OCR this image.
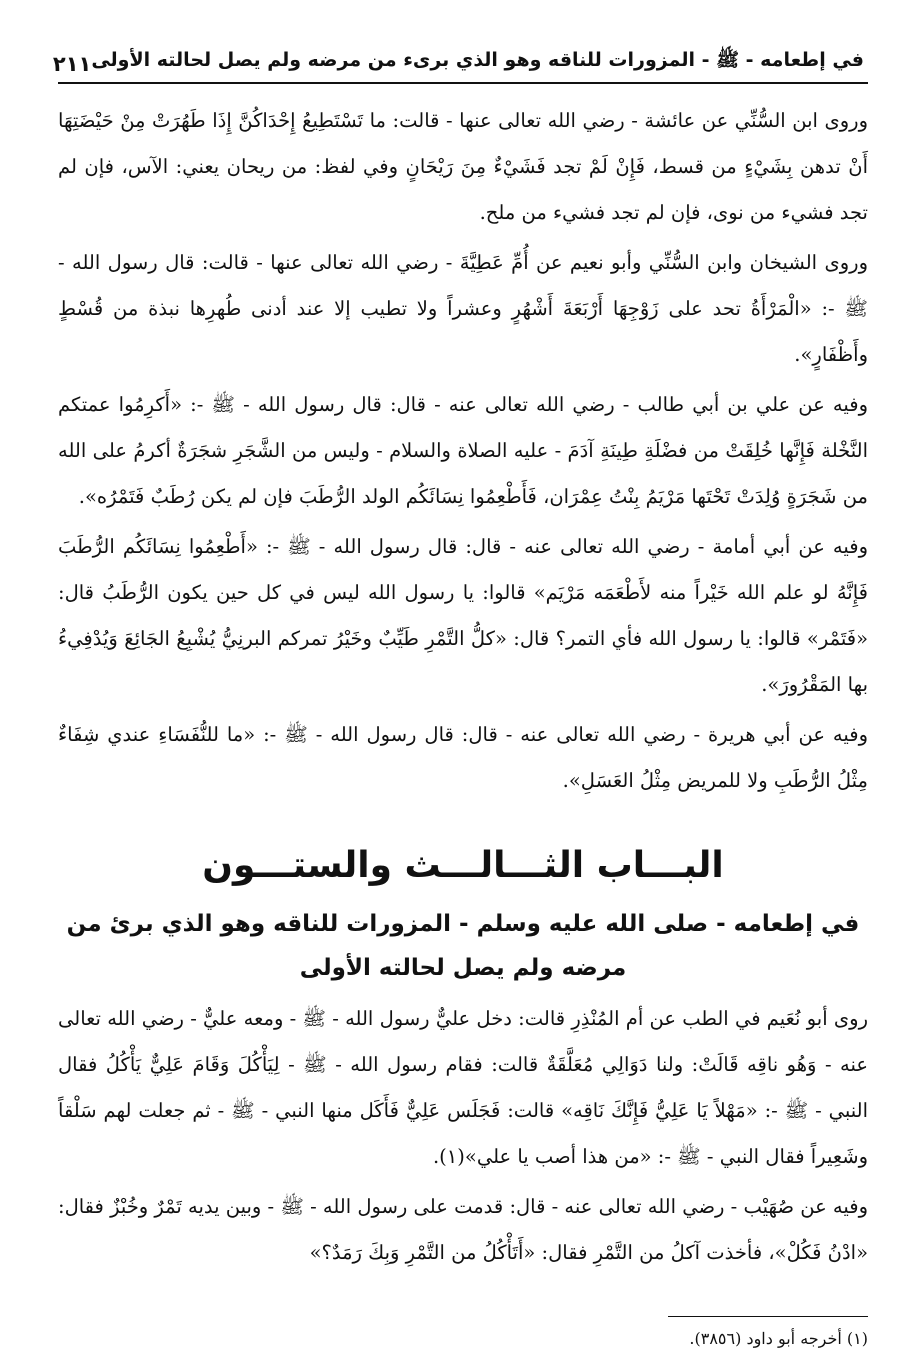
في إطعامه - ﷺ - المزورات للناقه وهو الذي برىء من مرضه ولم يصل لحالته الأولى
٢١١

وروى ابن السُّنِّي عن عائشة - رضي الله تعالى عنها - قالت: ما تَسْتَطِيعُ إِحْدَاكُنَّ إِذَا طَهُرَتْ مِنْ حَيْضَتِهَا أَنْ تدهن بِشَيْءٍ من قسط، فَإِنْ لَمْ تجد فَشَيْءٌ مِنَ رَيْحَانٍ وفي لفظ: من ريحان يعني: الآس، فإن لم تجد فشيء من نوى، فإن لم تجد فشيء من ملح.

وروى الشيخان وابن السُّنِّي وأبو نعيم عن أُمِّ عَطِيَّةَ - رضي الله تعالى عنها - قالت: قال رسول الله - ﷺ -: «الْمَرْأَةُ تحد على زَوْجِهَا أَرْبَعَةَ أَشْهُرٍ وعشراً ولا تطيب إلا عند أدنى طُهرِها نبذة من قُسْطٍ وأَظْفَارٍ».

وفيه عن علي بن أبي طالب - رضي الله تعالى عنه - قال: قال رسول الله - ﷺ -: «أَكرِمُوا عمتكم النَّخْلة فَإِنَّها خُلِقَتْ من فضْلَةِ طِينَةِ آدَمَ - عليه الصلاة والسلام - وليس من الشَّجَرِ شجَرَةٌ أكرمُ على الله من شَجَرَةٍ وُلِدَتْ تَحْتَها مَرْيَمُ بِنْتُ عِمْرَان، فَأَطْعِمُوا نِسَائَكُم الولد الرُّطَبَ فإن لم يكن رُطَبٌ فَتَمْرُه».

وفيه عن أبي أمامة - رضي الله تعالى عنه - قال: قال رسول الله - ﷺ -: «أَطْعِمُوا نِسَائَكُم الرُّطَبَ فَإِنَّهُ لو علم الله خَيْراً منه لأَطْعَمَه مَرْيَم» قالوا: يا رسول الله ليس في كل حين يكون الرُّطَبُ قال: «فَتَمْر» قالوا: يا رسول الله فأي التمر؟ قال: «كلُّ التَّمْرِ طَيِّبٌ وخَيْرُ تمركم البرنِيُّ يُشْبِعُ الجَائِعَ وَيُدْفِيءُ بها المَقْرُورَ».

وفيه عن أبي هريرة - رضي الله تعالى عنه - قال: قال رسول الله - ﷺ -: «ما للنُّفَسَاءِ عندي شِفَاءٌ مِثْلُ الرُّطَبِ ولا للمريض مِثْلُ العَسَلِ».

البـــاب الثـــالـــث والستـــون
في إطعامه - صلى الله عليه وسلم - المزورات للناقه وهو الذي برئ من مرضه ولم يصل لحالته الأولى

روى أبو نُعَيم في الطب عن أم المُنْذِرِ قالت: دخل عليٌّ رسول الله - ﷺ - ومعه عليٌّ - رضي الله تعالى عنه - وَهُو ناقِه قَالَتْ: ولنا دَوَالِي مُعَلَّقَةٌ قالت: فقام رسول الله - ﷺ - لِيَأْكُلَ وَقَامَ عَلِيٌّ يَأْكُلُ فقال النبي - ﷺ -: «مَهْلاً يَا عَلِيُّ فَإِنَّكَ نَاقِه» قالت: فَجَلَس عَلِيٌّ فَأَكَل منها النبي - ﷺ - ثم جعلت لهم سَلْقاً وشَعِيراً فقال النبي - ﷺ -: «من هذا أصب يا علي»(١).

وفيه عن صُهَيْب - رضي الله تعالى عنه - قال: قدمت على رسول الله - ﷺ - وبين يديه تَمْرٌ وخُبْزٌ فقال: «ادْنُ فَكُلْ»، فأخذت آكلُ من التَّمْرِ فقال: «أَتَأْكُلُ من التَّمْرِ وَبِكَ رَمَدٌ؟»

(١) أخرجه أبو داود (٣٨٥٦).
